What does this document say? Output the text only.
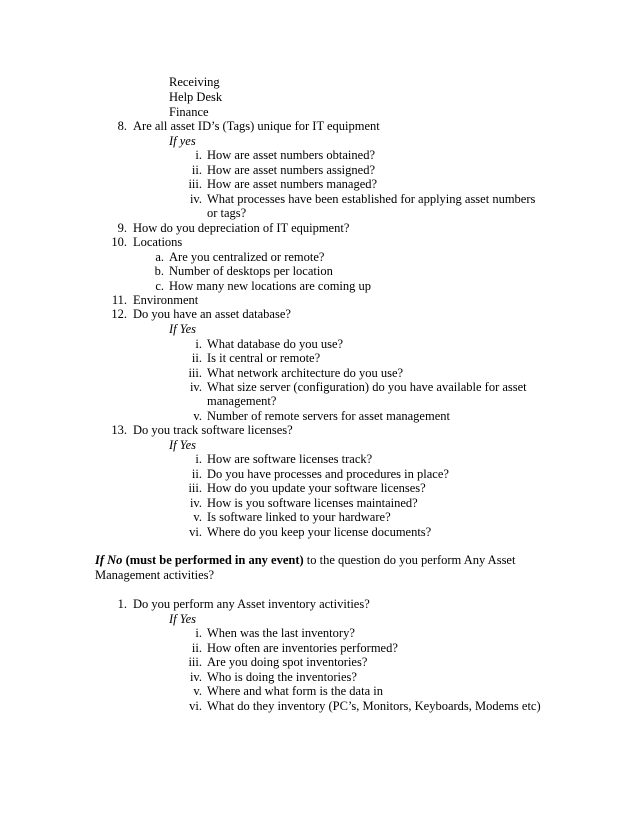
Receiving
Help Desk
Finance
8. Are all asset ID’s (Tags) unique for IT equipment
If yes
i. How are asset numbers obtained?
ii. How are asset numbers assigned?
iii. How are asset numbers managed?
iv. What processes have been established for applying asset numbers
or tags?
9. How do you depreciation of IT equipment?
10. Locations
a. Are you centralized or remote?
b. Number of desktops per location
c. How many new locations are coming up
11. Environment
12. Do you have an asset database?
If Yes
i. What database do you use?
ii. Is it central or remote?
iii. What network architecture do you use?
iv. What size server (configuration) do you have available for asset
management?
v. Number of remote servers for asset management
13. Do you track software licenses?
If Yes
i. How are software licenses track?
ii. Do you have processes and procedures in place?
iii. How do you update your software licenses?
iv. How is you software licenses maintained?
v. Is software linked to your hardware?
vi. Where do you keep your license documents?
If No (must be performed in any event) to the question do you perform Any Asset
Management activities?
1. Do you perform any Asset inventory activities?
If Yes
i. When was the last inventory?
ii. How often are inventories performed?
iii. Are you doing spot inventories?
iv. Who is doing the inventories?
v. Where and what form is the data in
vi. What do they inventory (PC’s, Monitors, Keyboards, Modems etc)
